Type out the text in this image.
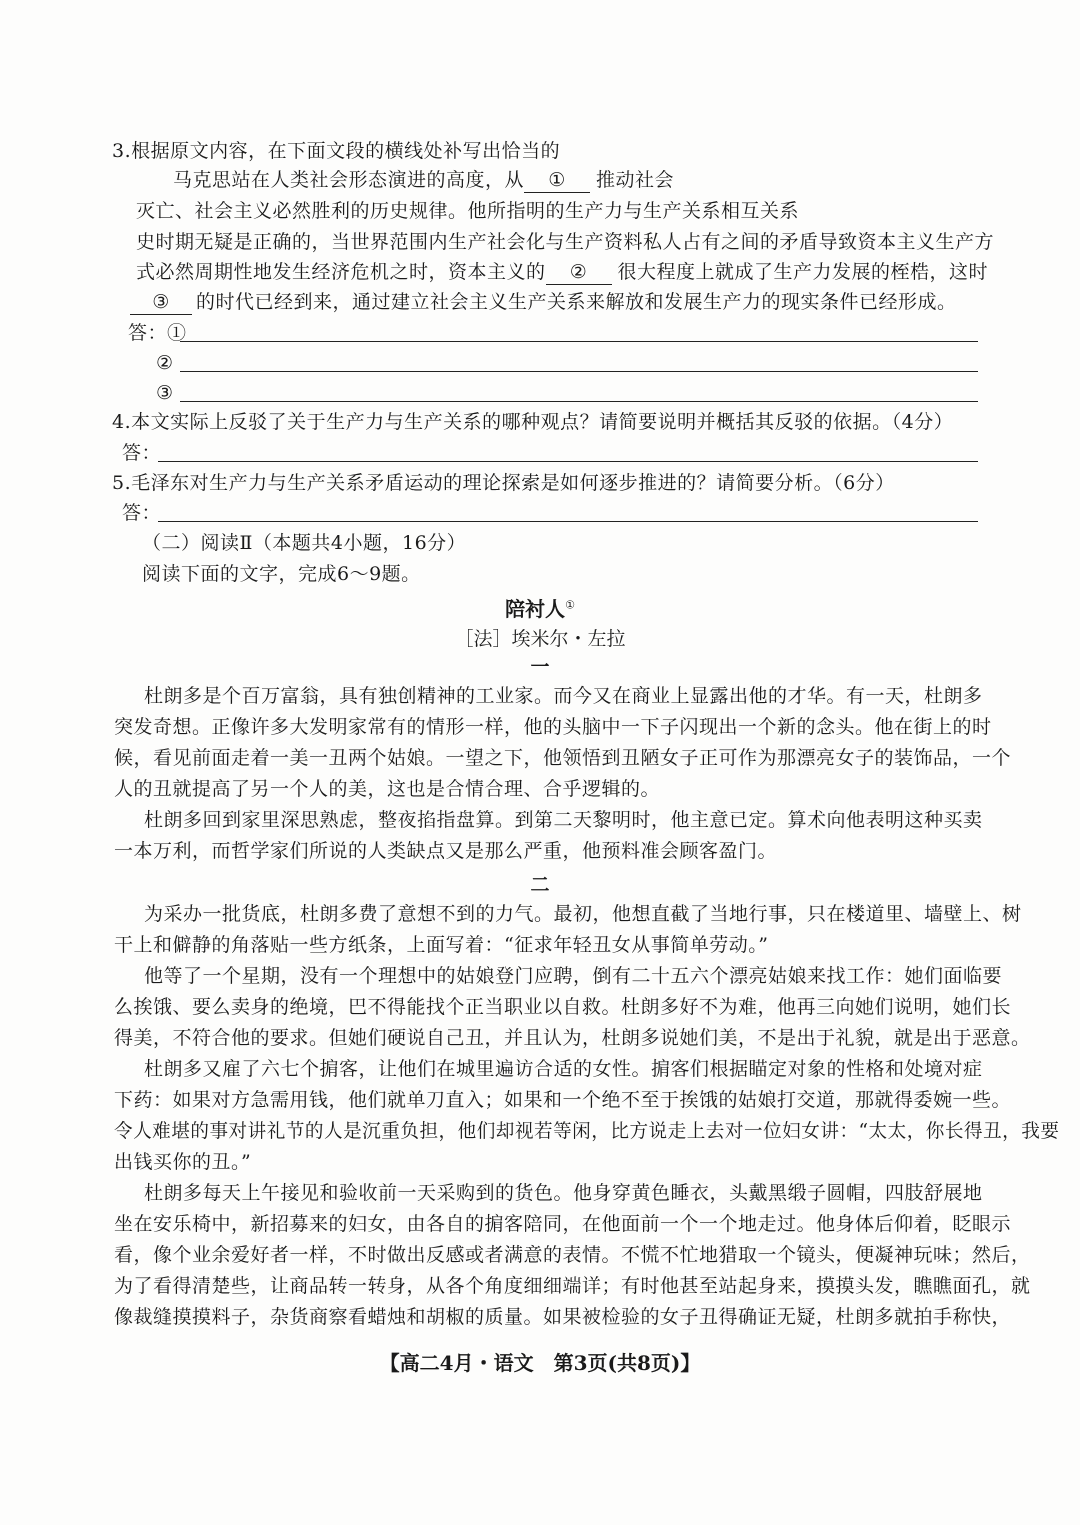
3.根据原文内容，在下面文段的横线处补写出恰当的
马克思站在人类社会形态演进的高度，从 ① 推动社会
灭亡、社会主义必然胜利的历史规律。他所指明的生产力与生产关系相互关系
史时期无疑是正确的，当世界范围内生产社会化与生产资料私人占有之间的矛盾导致资本主义生产方
式必然周期性地发生经济危机之时，资本主义的 ② 很大程度上就成了生产力发展的桎梏，这时
③ 的时代已经到来，通过建立社会主义生产关系来解放和发展生产力的现实条件已经形成。
答：①
②
③
4.本文实际上反驳了关于生产力与生产关系的哪种观点？请简要说明并概括其反驳的依据。（4分）
答：
5.毛泽东对生产力与生产关系矛盾运动的理论探索是如何逐步推进的？请简要分析。（6分）
答：
（二）阅读Ⅱ（本题共4小题，16分）
阅读下面的文字，完成6～9题。
陪衬人①
［法］埃米尔・左拉
一
杜朗多是个百万富翁，具有独创精神的工业家。而今又在商业上显露出他的才华。有一天，杜朗多
突发奇想。正像许多大发明家常有的情形一样，他的头脑中一下子闪现出一个新的念头。他在街上的时
候，看见前面走着一美一丑两个姑娘。一望之下，他领悟到丑陋女子正可作为那漂亮女子的装饰品，一个
人的丑就提高了另一个人的美，这也是合情合理、合乎逻辑的。
杜朗多回到家里深思熟虑，整夜掐指盘算。到第二天黎明时，他主意已定。算术向他表明这种买卖
一本万利，而哲学家们所说的人类缺点又是那么严重，他预料准会顾客盈门。
二
为采办一批货底，杜朗多费了意想不到的力气。最初，他想直截了当地行事，只在楼道里、墙壁上、树
干上和僻静的角落贴一些方纸条，上面写着：“征求年轻丑女从事简单劳动。”
他等了一个星期，没有一个理想中的姑娘登门应聘，倒有二十五六个漂亮姑娘来找工作：她们面临要
么挨饿、要么卖身的绝境，巴不得能找个正当职业以自救。杜朗多好不为难，他再三向她们说明，她们长
得美，不符合他的要求。但她们硬说自己丑，并且认为，杜朗多说她们美，不是出于礼貌，就是出于恶意。
杜朗多又雇了六七个掮客，让他们在城里遍访合适的女性。掮客们根据瞄定对象的性格和处境对症
下药：如果对方急需用钱，他们就单刀直入；如果和一个绝不至于挨饿的姑娘打交道，那就得委婉一些。
令人难堪的事对讲礼节的人是沉重负担，他们却视若等闲，比方说走上去对一位妇女讲：“太太，你长得丑，我要
出钱买你的丑。”
杜朗多每天上午接见和验收前一天采购到的货色。他身穿黄色睡衣，头戴黑缎子圆帽，四肢舒展地
坐在安乐椅中，新招募来的妇女，由各自的掮客陪同，在他面前一个一个地走过。他身体后仰着，眨眼示
看，像个业余爱好者一样，不时做出反感或者满意的表情。不慌不忙地猎取一个镜头，便凝神玩味；然后，
为了看得清楚些，让商品转一转身，从各个角度细细端详；有时他甚至站起身来，摸摸头发，瞧瞧面孔，就
像裁缝摸摸料子，杂货商察看蜡烛和胡椒的质量。如果被检验的女子丑得确证无疑，杜朗多就拍手称快，
【高二4月・语文　第3页(共8页)】
